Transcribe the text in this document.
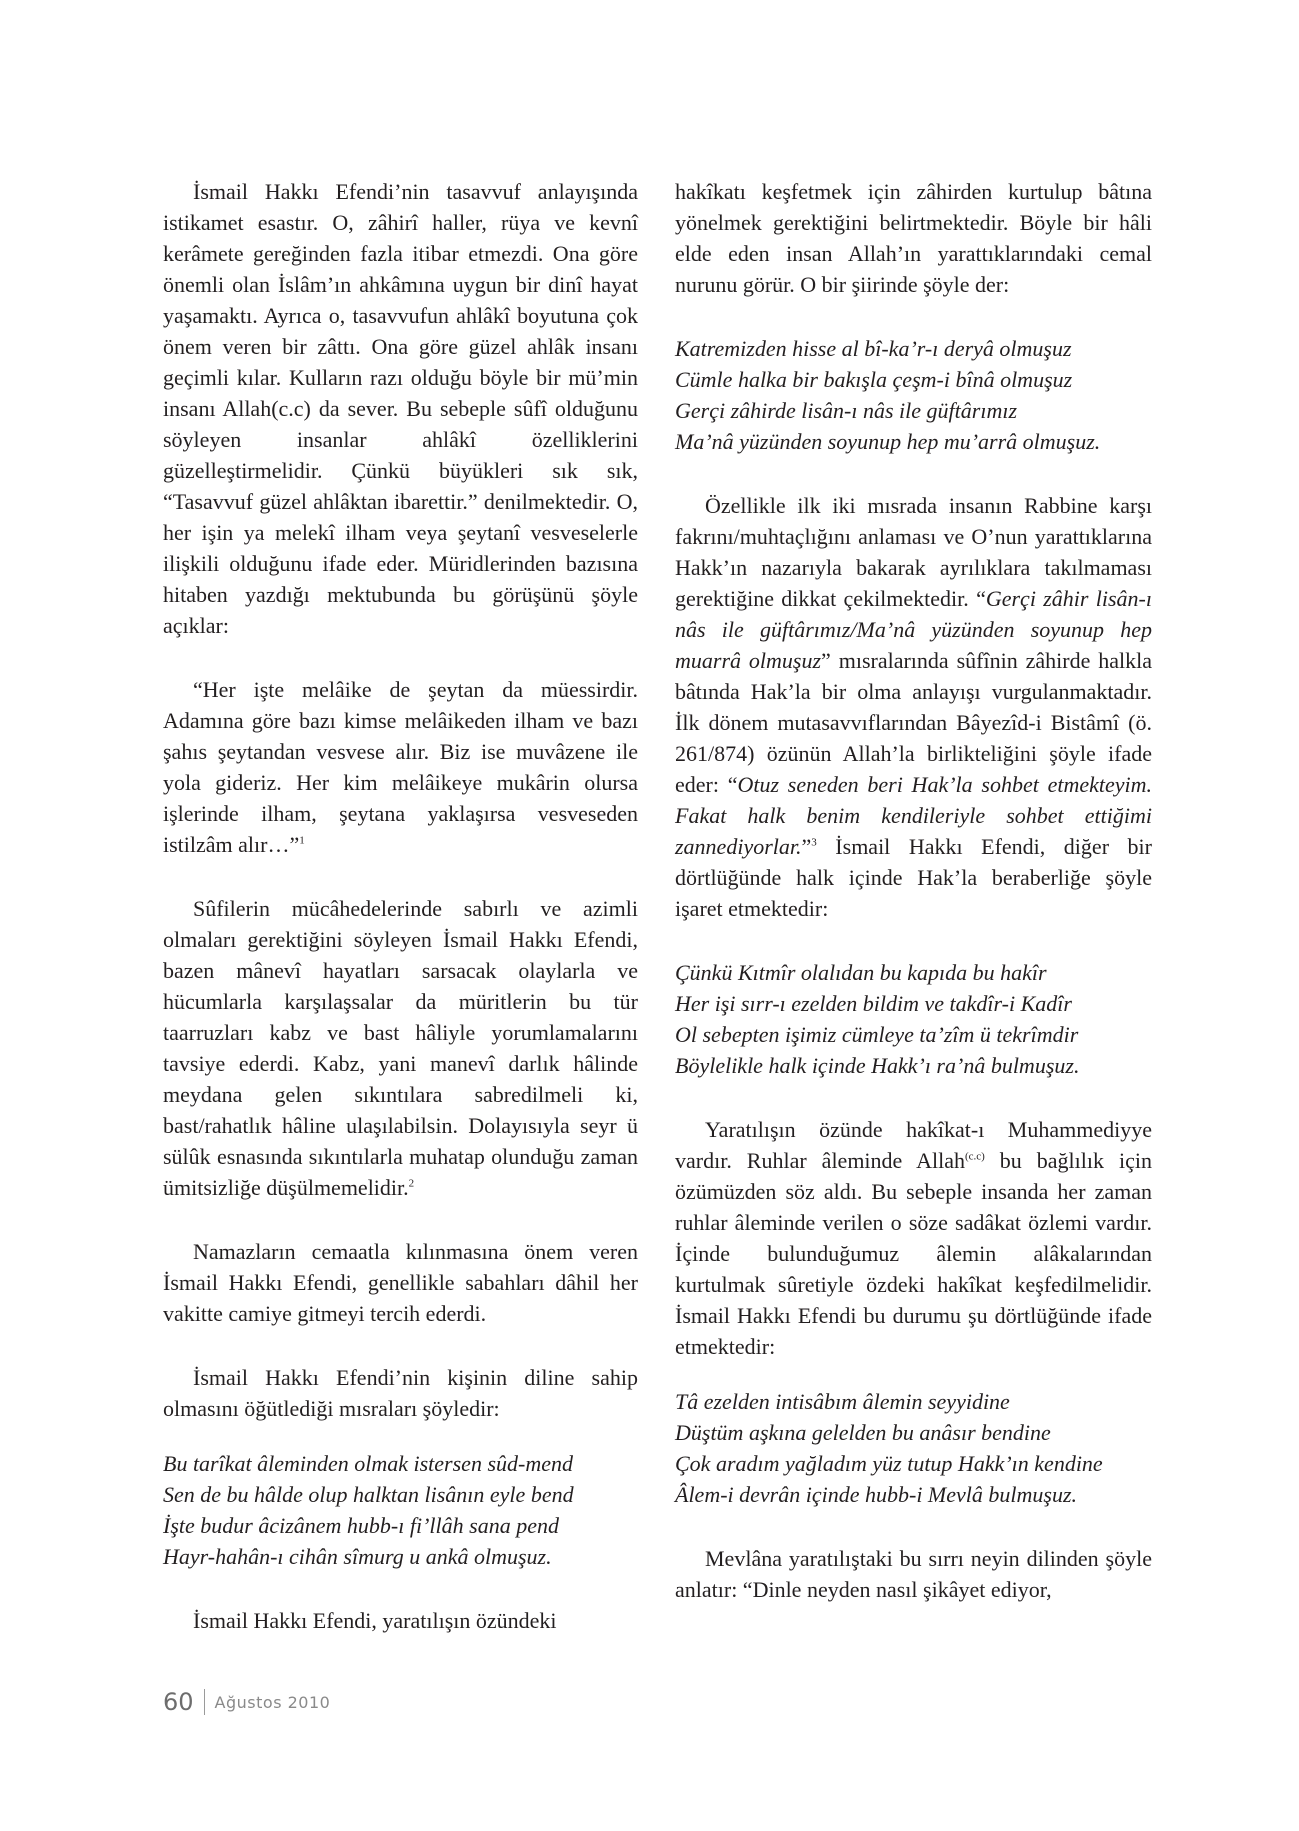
İsmail Hakkı Efendi’nin tasavvuf anlayışında istikamet esastır. O, zâhirî haller, rüya ve kevnî kerâmete gereğinden fazla itibar etmezdi. Ona göre önemli olan İslâm’ın ahkâmına uygun bir dinî hayat yaşamaktı. Ayrıca o, tasavvufun ahlâkî boyutuna çok önem veren bir zâttı. Ona göre güzel ahlâk insanı geçimli kılar. Kulların razı olduğu böyle bir mü’min insanı Allah(c.c) da sever. Bu sebeple sûfî olduğunu söyleyen insanlar ahlâkî özelliklerini güzelleştirmelidir. Çünkü büyükleri sık sık, “Tasavvuf güzel ahlâktan ibarettir.” denilmektedir. O, her işin ya melekî ilham veya şeytanî vesveselerle ilişkili olduğunu ifade eder. Müridlerinden bazısına hitaben yazdığı mektubunda bu görüşünü şöyle açıklar:

“Her işte melâike de şeytan da müessirdir. Adamına göre bazı kimse melâikeden ilham ve bazı şahıs şeytandan vesvese alır. Biz ise muvâzene ile yola gideriz. Her kim melâikeye mukârin olursa işlerinde ilham, şeytana yaklaşırsa vesveseden istilzâm alır…”$^1$

Sûfilerin mücâhedelerinde sabırlı ve azimli olmaları gerektiğini söyleyen İsmail Hakkı Efendi, bazen mânevî hayatları sarsacak olaylarla ve hücumlarla karşılaşsalar da müritlerin bu tür taarruzları kabz ve bast hâliyle yorumlamalarını tavsiye ederdi. Kabz, yani manevî darlık hâlinde meydana gelen sıkıntılara sabredilmeli ki, bast/rahatlık hâline ulaşılabilsin. Dolayısıyla seyr ü sülûk esnasında sıkıntılarla muhatap olunduğu zaman ümitsizliğe düşülmemelidir.$^2$

Namazların cemaatla kılınmasına önem veren İsmail Hakkı Efendi, genellikle sabahları dâhil her vakitte camiye gitmeyi tercih ederdi.

İsmail Hakkı Efendi’nin kişinin diline sahip olmasını öğütlediği mısraları şöyledir:

Bu tarîkat âleminden olmak istersen sûd-mend
Sen de bu hâlde olup halktan lisânın eyle bend
İşte budur âcizânem hubb-ı fi’llâh sana pend
Hayr-hahân-ı cihân sîmurg u ankâ olmuşuz.

İsmail Hakkı Efendi, yaratılışın özündeki

hakîkatı keşfetmek için zâhirden kurtulup bâtına yönelmek gerektiğini belirtmektedir. Böyle bir hâli elde eden insan Allah’ın yarattıklarındaki cemal nurunu görür. O bir şiirinde şöyle der:

Katremizden hisse al bî-ka’r-ı deryâ olmuşuz
Cümle halka bir bakışla çeşm-i bînâ olmuşuz
Gerçi zâhirde lisân-ı nâs ile güftârımız
Ma’nâ yüzünden soyunup hep mu’arrâ olmuşuz.

Özellikle ilk iki mısrada insanın Rabbine karşı fakrını/muhtaçlığını anlaması ve O’nun yarattıklarına Hakk’ın nazarıyla bakarak ayrılıklara takılmaması gerektiğine dikkat çekilmektedir. “Gerçi zâhir lisân-ı nâs ile güftârımız/Ma’nâ yüzünden soyunup hep muarrâ olmuşuz” mısralarında sûfînin zâhirde halkla bâtında Hak’la bir olma anlayışı vurgulanmaktadır. İlk dönem mutasavvıflarından Bâyezîd-i Bistâmî (ö. 261/874) özünün Allah’la birlikteliğini şöyle ifade eder: “Otuz seneden beri Hak’la sohbet etmekteyim. Fakat halk benim kendileriyle sohbet ettiğimi zannediyorlar.”$^3$ İsmail Hakkı Efendi, diğer bir dörtlüğünde halk içinde Hak’la beraberliğe şöyle işaret etmektedir:

Çünkü Kıtmîr olalıdan bu kapıda bu hakîr
Her işi sırr-ı ezelden bildim ve takdîr-i Kadîr
Ol sebepten işimiz cümleye ta’zîm ü tekrîmdir
Böylelikle halk içinde Hakk’ı ra’nâ bulmuşuz.

Yaratılışın özünde hakîkat-ı Muhammediyye vardır. Ruhlar âleminde Allah$^{(c.c)}$ bu bağlılık için özümüzden söz aldı. Bu sebeple insanda her zaman ruhlar âleminde verilen o söze sadâkat özlemi vardır. İçinde bulunduğumuz âlemin alâkalarından kurtulmak sûretiyle özdeki hakîkat keşfedilmelidir. İsmail Hakkı Efendi bu durumu şu dörtlüğünde ifade etmektedir:

Tâ ezelden intisâbım âlemin seyyidine
Düştüm aşkına gelelden bu anâsır bendine
Çok aradım yağladım yüz tutup Hakk’ın kendine
Âlem-i devrân içinde hubb-i Mevlâ bulmuşuz.

Mevlâna yaratılıştaki bu sırrı neyin dilinden şöyle anlatır: “Dinle neyden nasıl şikâyet ediyor,

60 Ağustos 2010
